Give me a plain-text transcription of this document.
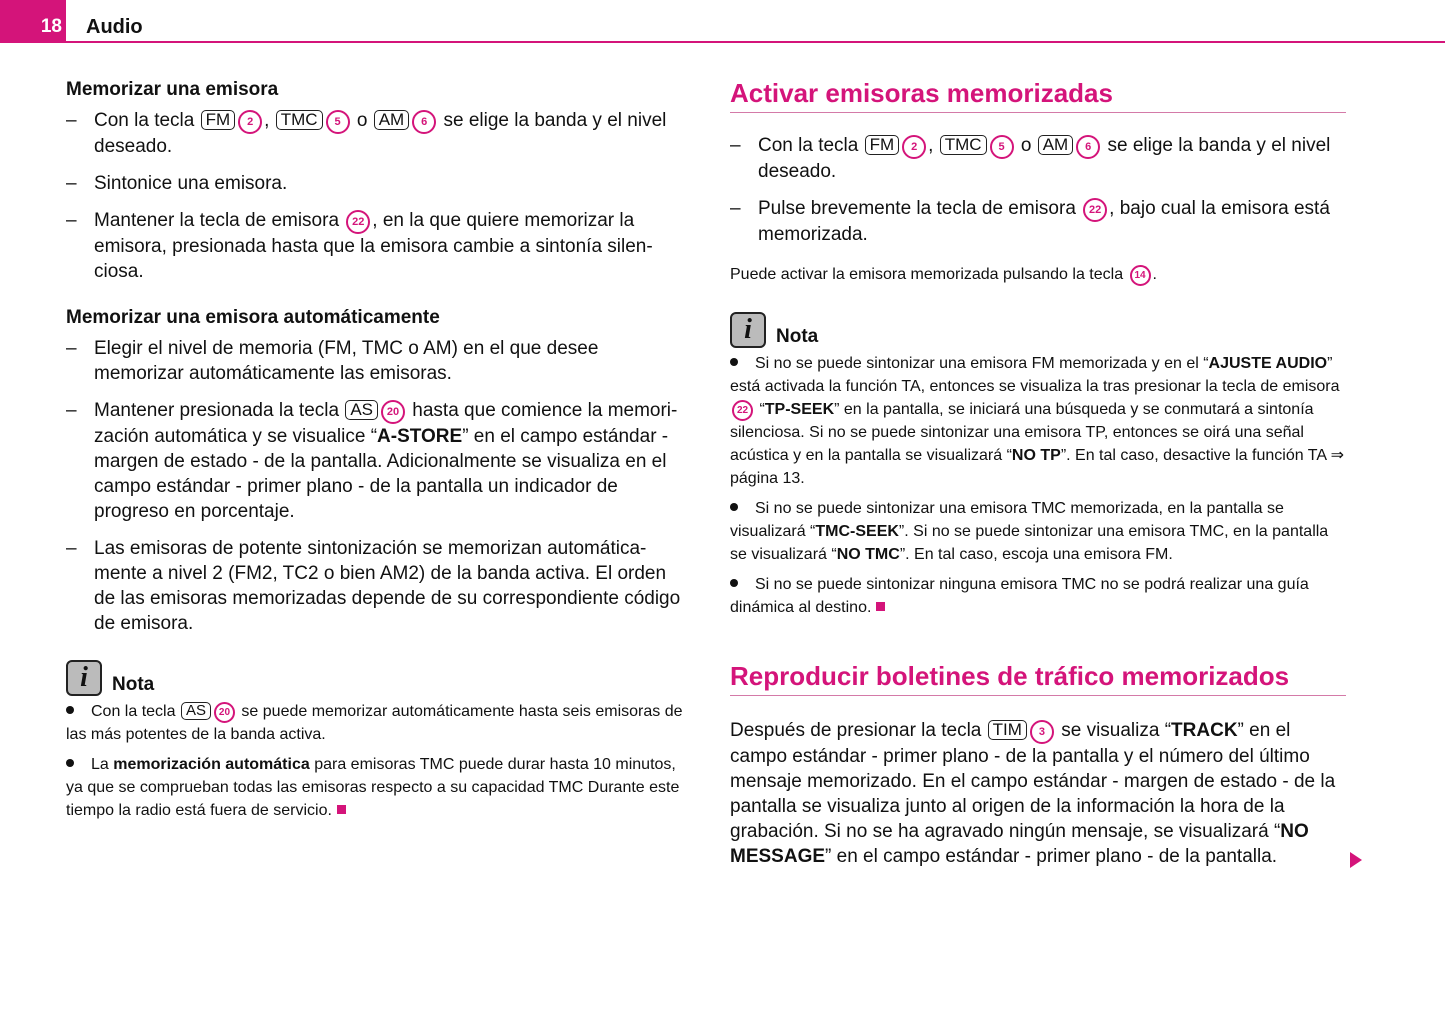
18 Audio
Memorizar una emisora
– Con la tecla FM 2 , TMC 5 o AM 6 se elige la banda y el nivel deseado.
– Sintonice una emisora.
– Mantener la tecla de emisora 22 , en la que quiere memorizar la emisora, presionada hasta que la emisora cambie a sintonía silen-ciosa.
Memorizar una emisora automáticamente
– Elegir el nivel de memoria (FM, TMC o AM) en el que desee memorizar automáticamente las emisoras.
– Mantener presionada la tecla AS 20 hasta que comience la memori-zación automática y se visualice “A-STORE” en el campo estándar - margen de estado - de la pantalla. Adicionalmente se visualiza en el campo estándar - primer plano - de la pantalla un indicador de progreso en porcentaje.
– Las emisoras de potente sintonización se memorizan automática-mente a nivel 2 (FM2, TC2 o bien AM2) de la banda activa. El orden de las emisoras memorizadas depende de su correspondiente código de emisora.
i	Nota

Con la tecla AS 20 se puede memorizar automáticamente hasta seis emisoras de las más potentes de la banda activa.

La memorización automática para emisoras TMC puede durar hasta 10 minutos, ya que se comprueban todas las emisoras respecto a su capacidad TMC Durante este tiempo la radio está fuera de servicio.

Activar emisoras memorizadas
– Con la tecla FM 2 , TMC 5 o AM 6 se elige la banda y el nivel deseado.
– Pulse brevemente la tecla de emisora 22 , bajo cual la emisora está memorizada.

Puede activar la emisora memorizada pulsando la tecla 14 .

i	Nota

Si no se puede sintonizar una emisora FM memorizada y en el “AJUSTE AUDIO” está activada la función TA, entonces se visualiza la tras presionar la tecla de emisora 22 “TP-SEEK” en la pantalla, se iniciará una búsqueda y se conmutará a sintonía silenciosa. Si no se puede sintonizar una emisora TP, entonces se oirá una señal acústica y en la pantalla se visualizará “NO TP”. En tal caso, desactive la función TA ⇒ página 13.

Si no se puede sintonizar una emisora TMC memorizada, en la pantalla se visualizará “TMC-SEEK”. Si no se puede sintonizar una emisora TMC, en la pantalla se visualizará “NO TMC”. En tal caso, escoja una emisora FM.

Si no se puede sintonizar ninguna emisora TMC no se podrá realizar una guía dinámica al destino.

Reproducir boletines de tráfico memorizados

Después de presionar la tecla TIM 3 se visualiza “TRACK” en el campo estándar - primer plano - de la pantalla y el número del último mensaje memorizado. En el campo estándar - margen de estado - de la pantalla se visualiza junto al origen de la información la hora de la grabación. Si no se ha agravado ningún mensaje, se visualizará “NO MESSAGE” en el campo estándar - primer plano - de la pantalla.
